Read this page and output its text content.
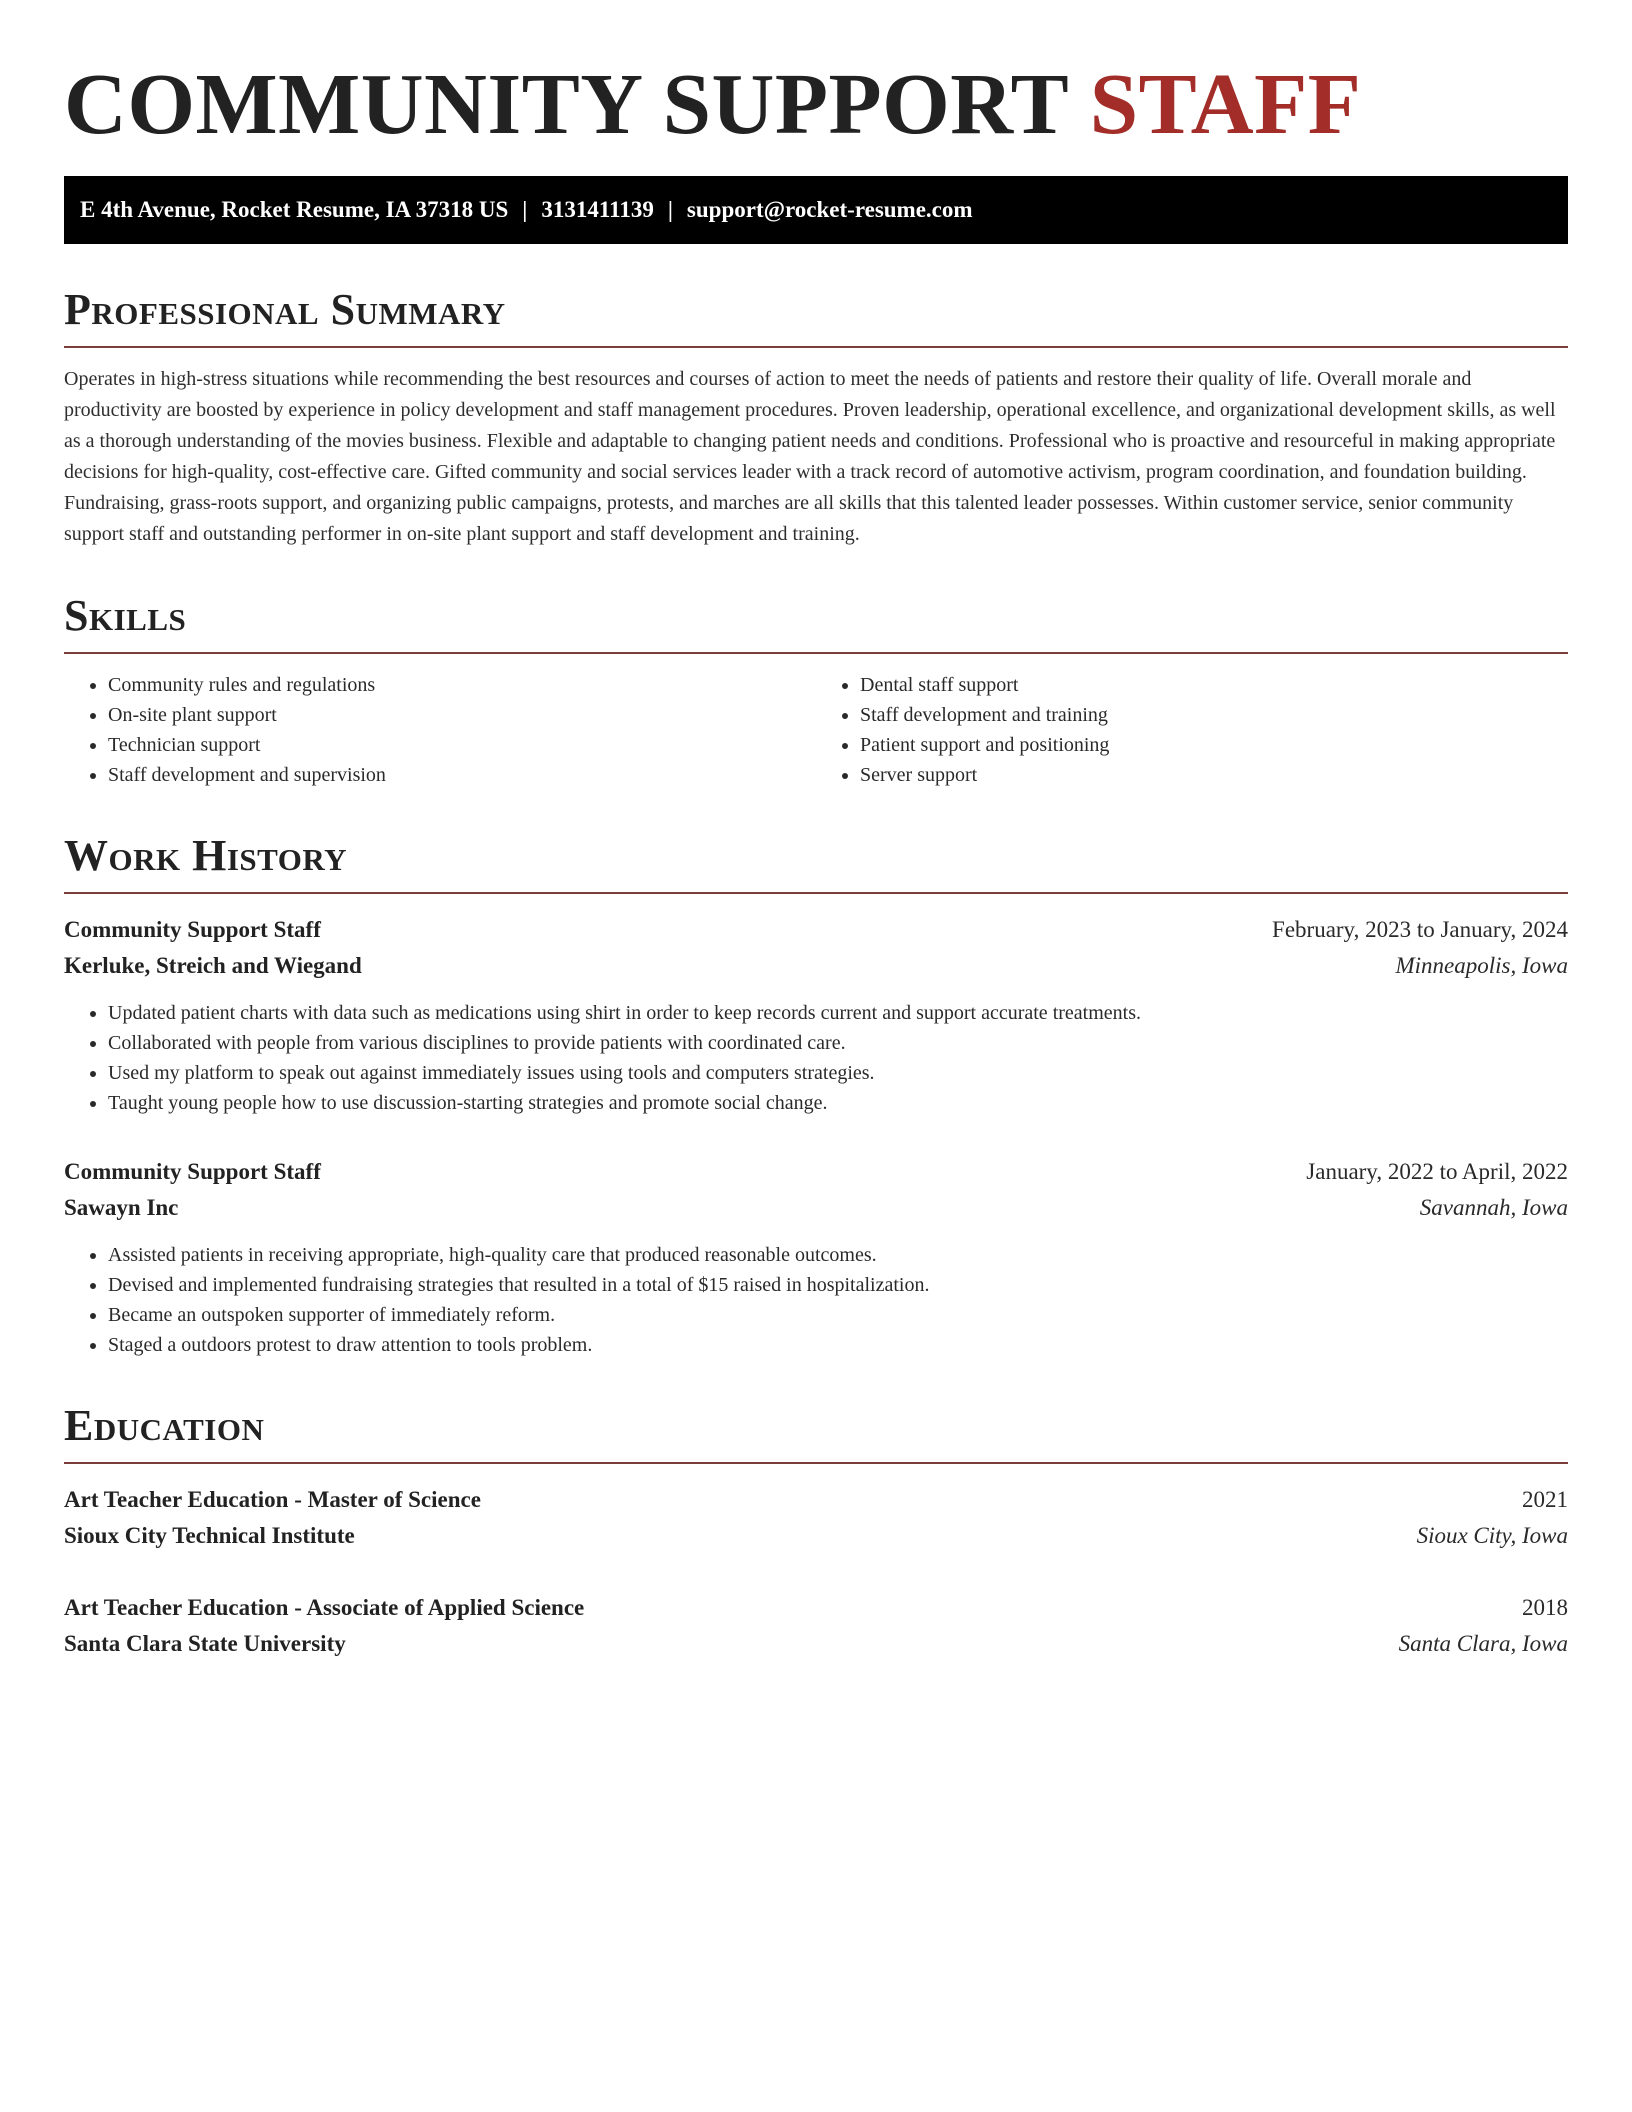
COMMUNITY SUPPORT STAFF
E 4th Avenue, Rocket Resume, IA 37318 US | 3131411139 | support@rocket-resume.com
Professional Summary

Operates in high-stress situations while recommending the best resources and courses of action to meet the needs of patients and restore their quality of life. Overall morale and productivity are boosted by experience in policy development and staff management procedures. Proven leadership, operational excellence, and organizational development skills, as well as a thorough understanding of the movies business. Flexible and adaptable to changing patient needs and conditions. Professional who is proactive and resourceful in making appropriate decisions for high-quality, cost-effective care. Gifted community and social services leader with a track record of automotive activism, program coordination, and foundation building. Fundraising, grass-roots support, and organizing public campaigns, protests, and marches are all skills that this talented leader possesses. Within customer service, senior community support staff and outstanding performer in on-site plant support and staff development and training.

Skills
• Community rules and regulations
• On-site plant support
• Technician support
• Staff development and supervision
• Dental staff support
• Staff development and training
• Patient support and positioning
• Server support
Work History
Community Support Staff	February, 2023 to January, 2024
Kerluke, Streich and Wiegand	Minneapolis, Iowa
• Updated patient charts with data such as medications using shirt in order to keep records current and support accurate treatments.
• Collaborated with people from various disciplines to provide patients with coordinated care.
• Used my platform to speak out against immediately issues using tools and computers strategies.
• Taught young people how to use discussion-starting strategies and promote social change.
Community Support Staff	January, 2022 to April, 2022
Sawayn Inc	Savannah, Iowa
• Assisted patients in receiving appropriate, high-quality care that produced reasonable outcomes.
• Devised and implemented fundraising strategies that resulted in a total of $15 raised in hospitalization.
• Became an outspoken supporter of immediately reform.
• Staged a outdoors protest to draw attention to tools problem.
Education
Art Teacher Education - Master of Science	2021
Sioux City Technical Institute	Sioux City, Iowa
Art Teacher Education - Associate of Applied Science	2018
Santa Clara State University	Santa Clara, Iowa
